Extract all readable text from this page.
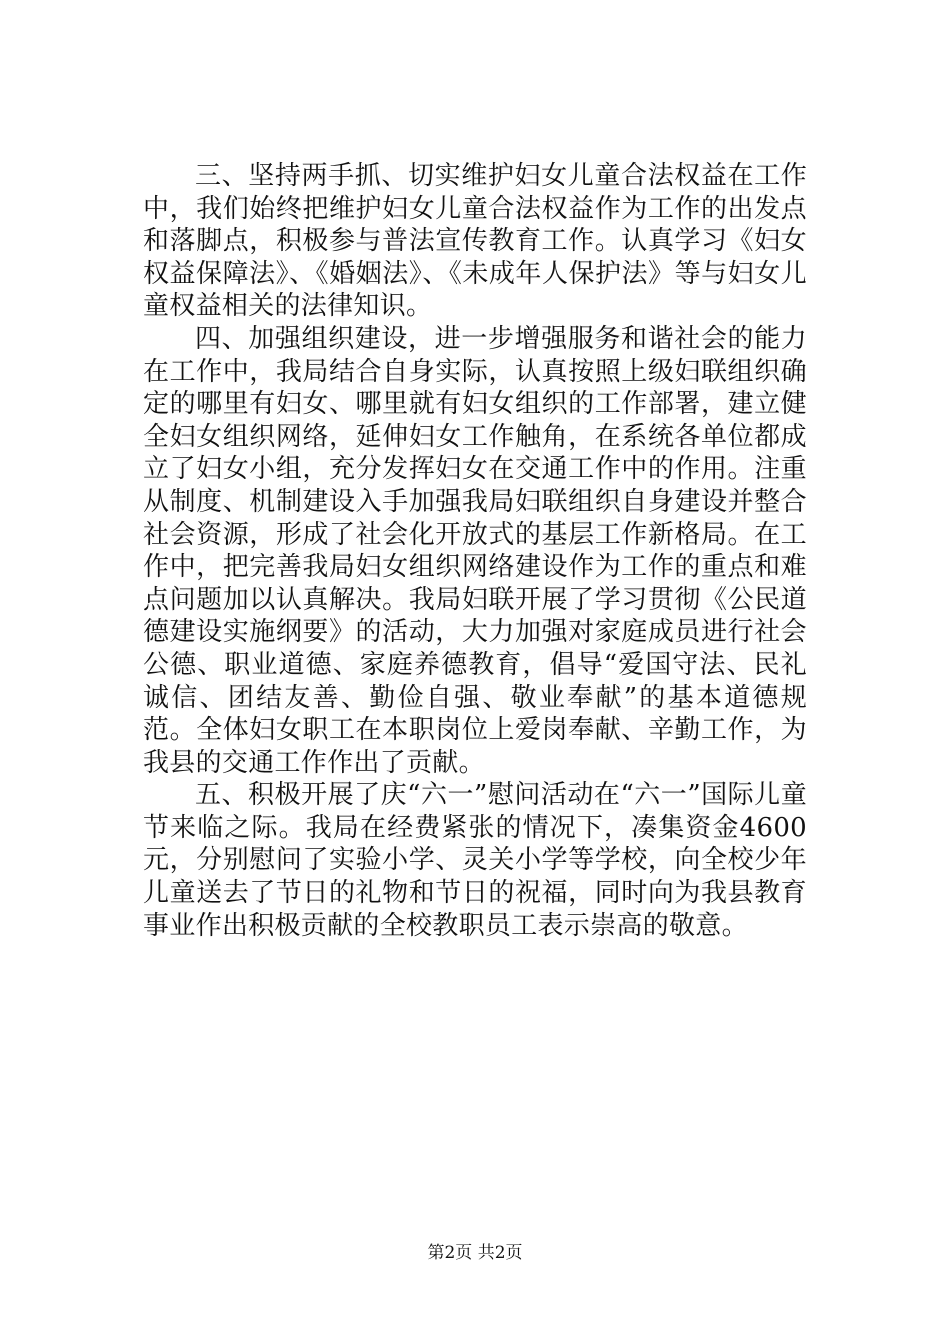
三、坚持两手抓、切实维护妇女儿童合法权益在工作中，我们始终把维护妇女儿童合法权益作为工作的出发点和落脚点，积极参与普法宣传教育工作。认真学习《妇女权益保障法》、《婚姻法》、《未成年人保护法》等与妇女儿童权益相关的法律知识。

四、加强组织建设，进一步增强服务和谐社会的能力在工作中，我局结合自身实际，认真按照上级妇联组织确定的哪里有妇女、哪里就有妇女组织的工作部署，建立健全妇女组织网络，延伸妇女工作触角，在系统各单位都成立了妇女小组，充分发挥妇女在交通工作中的作用。注重从制度、机制建设入手加强我局妇联组织自身建设并整合社会资源，形成了社会化开放式的基层工作新格局。在工作中，把完善我局妇女组织网络建设作为工作的重点和难点问题加以认真解决。我局妇联开展了学习贯彻《公民道德建设实施纲要》的活动，大力加强对家庭成员进行社会公德、职业道德、家庭养德教育，倡导“爱国守法、民礼诚信、团结友善、勤俭自强、敬业奉献”的基本道德规范。全体妇女职工在本职岗位上爱岗奉献、辛勤工作，为我县的交通工作作出了贡献。

五、积极开展了庆“六一”慰问活动在“六一”国际儿童节来临之际。我局在经费紧张的情况下，凑集资金4600元，分别慰问了实验小学、灵关小学等学校，向全校少年儿童送去了节日的礼物和节日的祝福，同时向为我县教育事业作出积极贡献的全校教职员工表示崇高的敬意。

第2页 共2页
